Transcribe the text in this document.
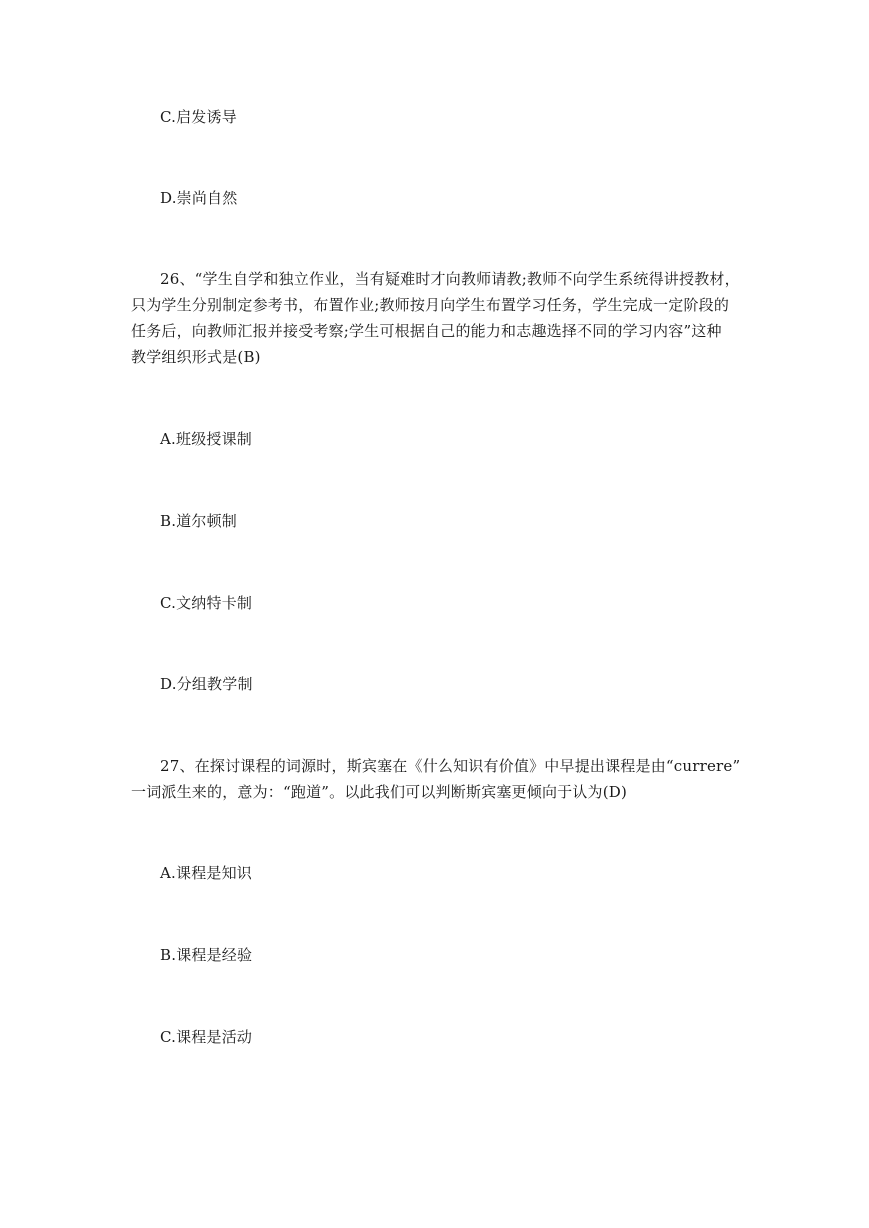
C.启发诱导
D.崇尚自然
26、“学生自学和独立作业，当有疑难时才向教师请教;教师不向学生系统得讲授教材，
只为学生分别制定参考书，布置作业;教师按月向学生布置学习任务，学生完成一定阶段的
任务后，向教师汇报并接受考察;学生可根据自己的能力和志趣选择不同的学习内容”这种
教学组织形式是(B)
A.班级授课制
B.道尔顿制
C.文纳特卡制
D.分组教学制
27、在探讨课程的词源时，斯宾塞在《什么知识有价值》中早提出课程是由“currere”
一词派生来的，意为：“跑道”。以此我们可以判断斯宾塞更倾向于认为(D)
A.课程是知识
B.课程是经验
C.课程是活动
